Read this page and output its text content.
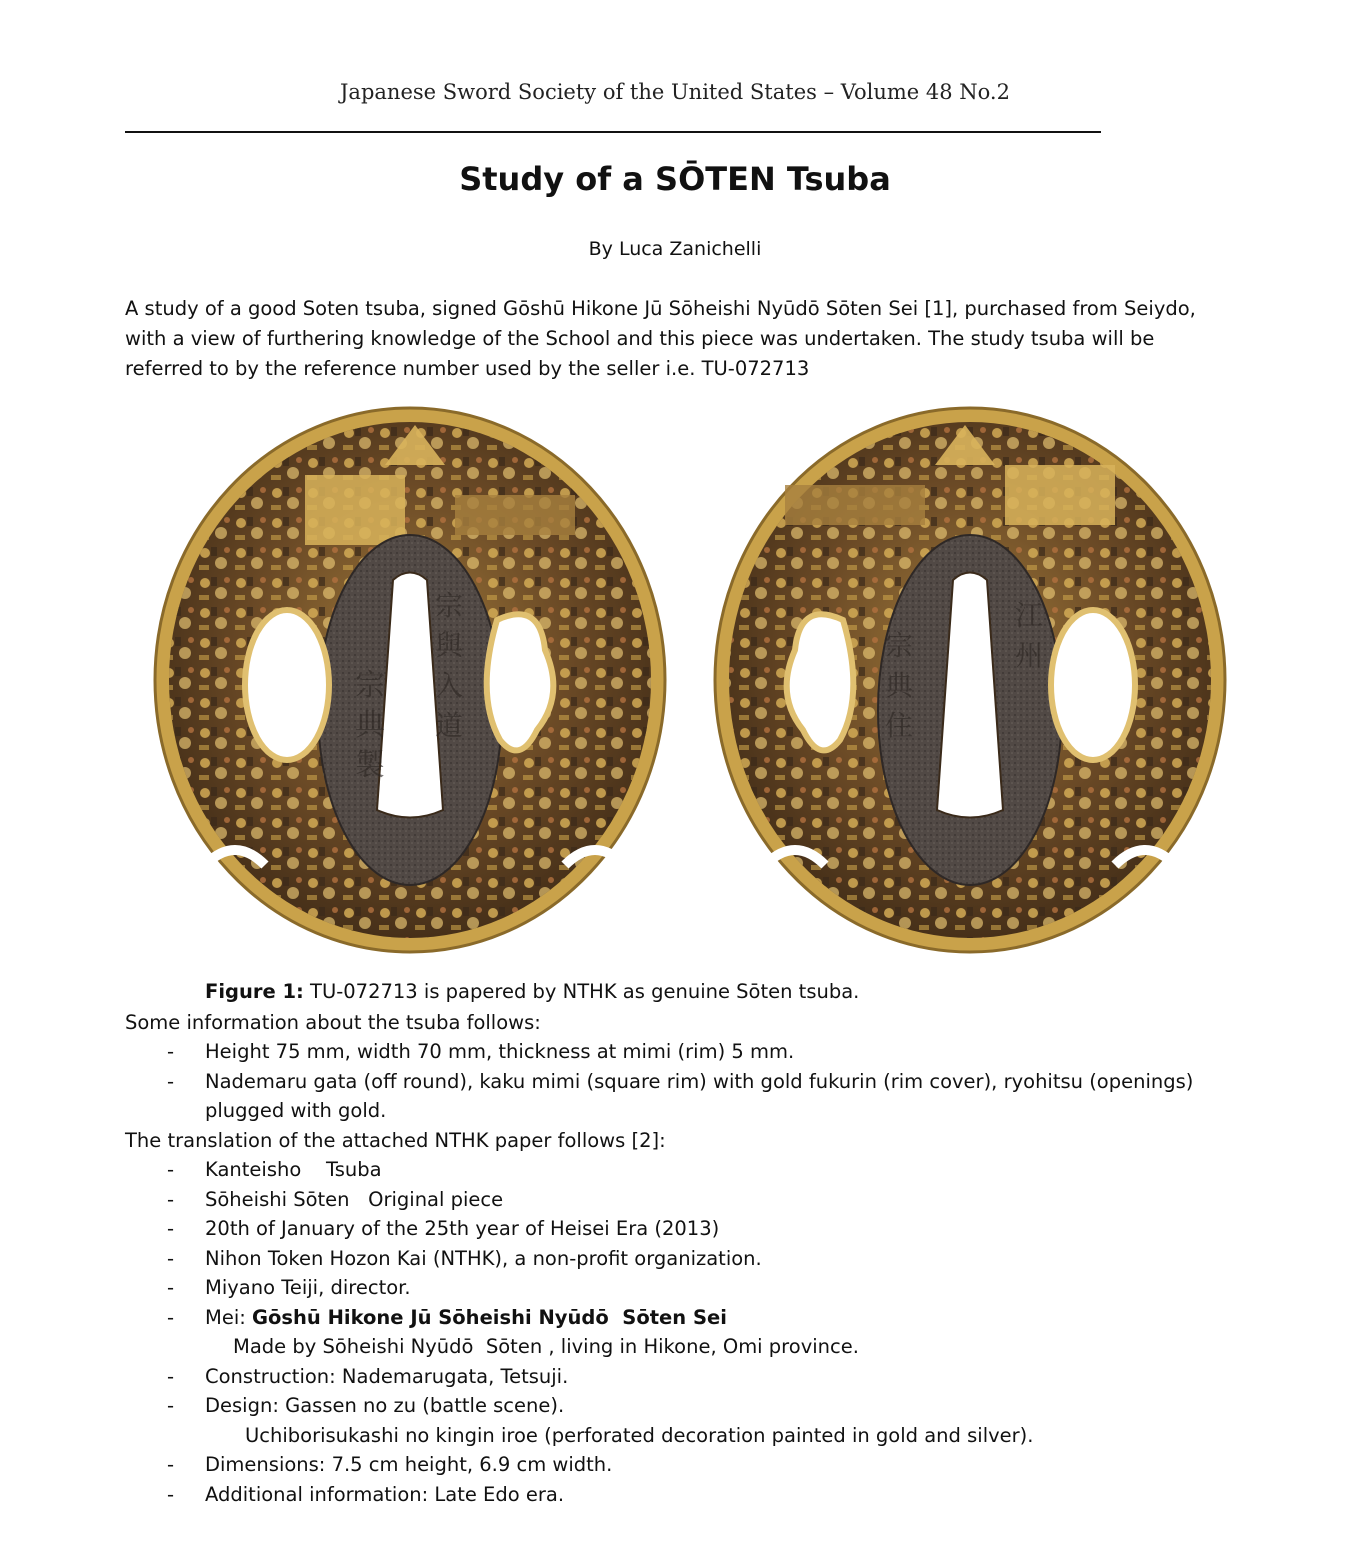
Japanese Sword Society of the United States – Volume 48 No.2
Study of a SŌTEN Tsuba
By Luca Zanichelli

A study of a good Soten tsuba, signed Gōshū Hikone Jū Sōheishi Nyūdō Sōten Sei [1], purchased from Seiydo, with a view of furthering knowledge of the School and this piece was undertaken. The study tsuba will be referred to by the reference number used by the seller i.e. TU-072713

宗
典
製
宗
與
入
道
宗
典
住
江
州
Figure 1: TU-072713 is papered by NTHK as genuine Sōten tsuba.
Some information about the tsuba follows:
- Height 75 mm, width 70 mm, thickness at mimi (rim) 5 mm.
- Nademaru gata (off round), kaku mimi (square rim) with gold fukurin (rim cover), ryohitsu (openings) plugged with gold.
The translation of the attached NTHK paper follows [2]:
- Kanteisho    Tsuba
- Sōheishi Sōten   Original piece
- 20th of January of the 25th year of Heisei Era (2013)
- Nihon Token Hozon Kai (NTHK), a non-profit organization.
- Miyano Teiji, director.
- Mei: Gōshū Hikone Jū Sōheishi Nyūdō  Sōten Sei
Made by Sōheishi Nyūdō  Sōten , living in Hikone, Omi province.
- Construction: Nademarugata, Tetsuji.
- Design: Gassen no zu (battle scene).
Uchiborisukashi no kingin iroe (perforated decoration painted in gold and silver).
- Dimensions: 7.5 cm height, 6.9 cm width.
- Additional information: Late Edo era.
